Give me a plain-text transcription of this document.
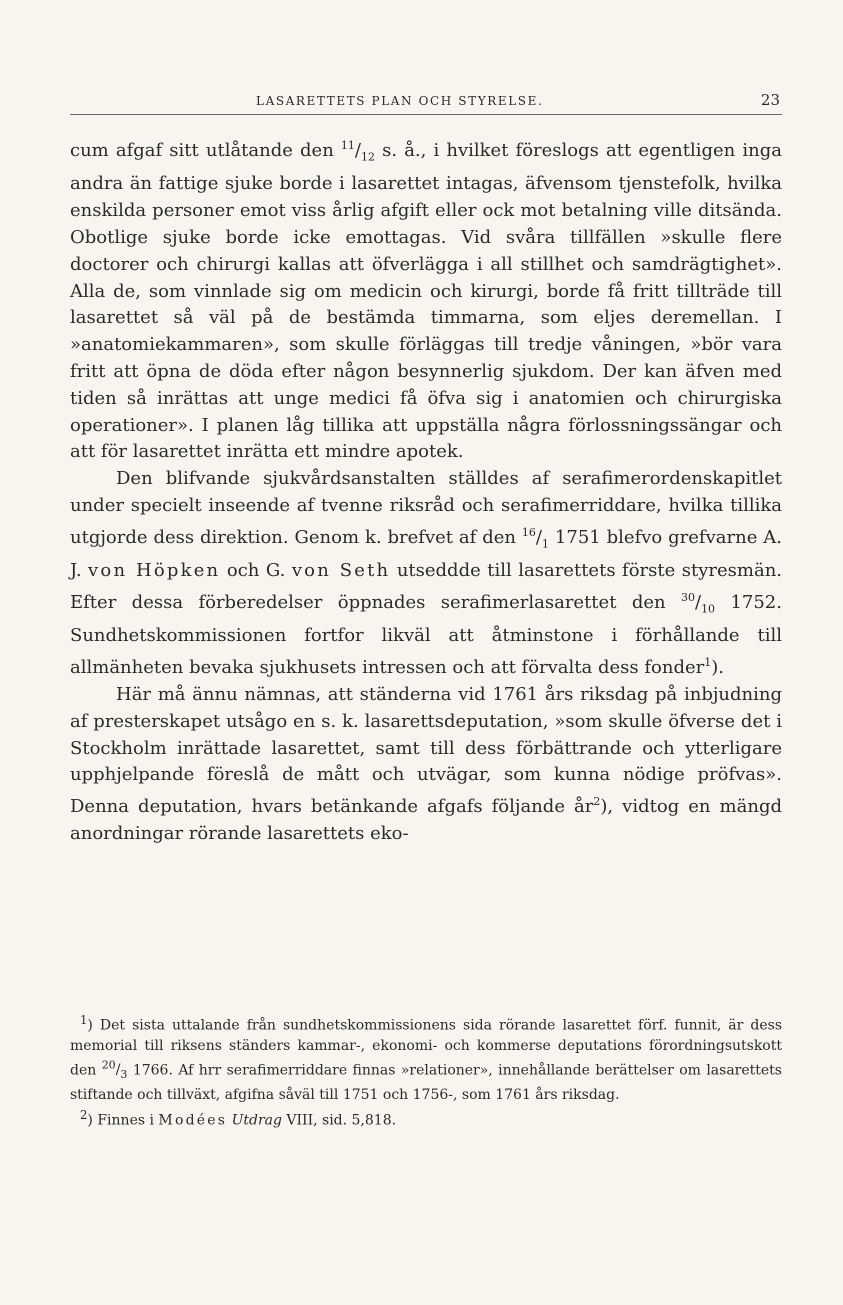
LASARETTETS PLAN OCH STYRELSE.	23

cum afgaf sitt utlåtande den $^{11}/_{12}$ s. å., i hvilket föreslogs att egentligen inga andra än fattige sjuke borde i lasarettet intagas, äfvensom tjenstefolk, hvilka enskilda personer emot viss årlig afgift eller ock mot betalning ville ditsända. Obotlige sjuke borde icke emottagas. Vid svåra tillfällen »skulle flere doctorer och chirurgi kallas att öfverlägga i all stillhet och samdrägtighet». Alla de, som vinnlade sig om medicin och kirurgi, borde få fritt tillträde till lasarettet så väl på de bestämda timmarna, som eljes deremellan. I »anatomiekammaren», som skulle förläggas till tredje våningen, »bör vara fritt att öpna de döda efter någon besynnerlig sjukdom. Der kan äfven med tiden så inrättas att unge medici få öfva sig i anatomien och chirurgiska operationer». I planen låg tillika att uppställa några förlossningssängar och att för lasarettet inrätta ett mindre apotek.

Den blifvande sjukvårdsanstalten ställdes af serafimerordenskapitlet under specielt inseende af tvenne riksråd och serafimerriddare, hvilka tillika utgjorde dess direktion. Genom k. brefvet af den $^{16}/_1$ 1751 blefvo grefvarne A. J. von Höpken och G. von Seth utseddde till lasarettets förste styresmän. Efter dessa förberedelser öppnades serafimerlasarettet den $^{30}/_{10}$ 1752. Sundhetskommissionen fortfor likväl att åtminstone i förhållande till allmänheten bevaka sjukhusets intressen och att förvalta dess fonder$^1$).

Här må ännu nämnas, att ständerna vid 1761 års riksdag på inbjudning af presterskapet utsågo en s. k. lasarettsdeputation, »som skulle öfverse det i Stockholm inrättade lasarettet, samt till dess förbättrande och ytterligare upphjelpande föreslå de mått och utvägar, som kunna nödige pröfvas». Denna deputation, hvars betänkande afgafs följande år$^2$), vidtog en mängd anordningar rörande lasarettets eko-

$^1$) Det sista uttalande från sundhetskommissionens sida rörande lasarettet förf. funnit, är dess memorial till riksens ständers kammar-, ekonomi- och kommerse deputations förordningsutskott den $^{20}/_3$ 1766. Af hrr serafimerriddare finnas »relationer», innehållande berättelser om lasarettets stiftande och tillväxt, afgifna såväl till 1751 och 1756-, som 1761 års riksdag.

$^2$) Finnes i Modées Utdrag VIII, sid. 5,818.
